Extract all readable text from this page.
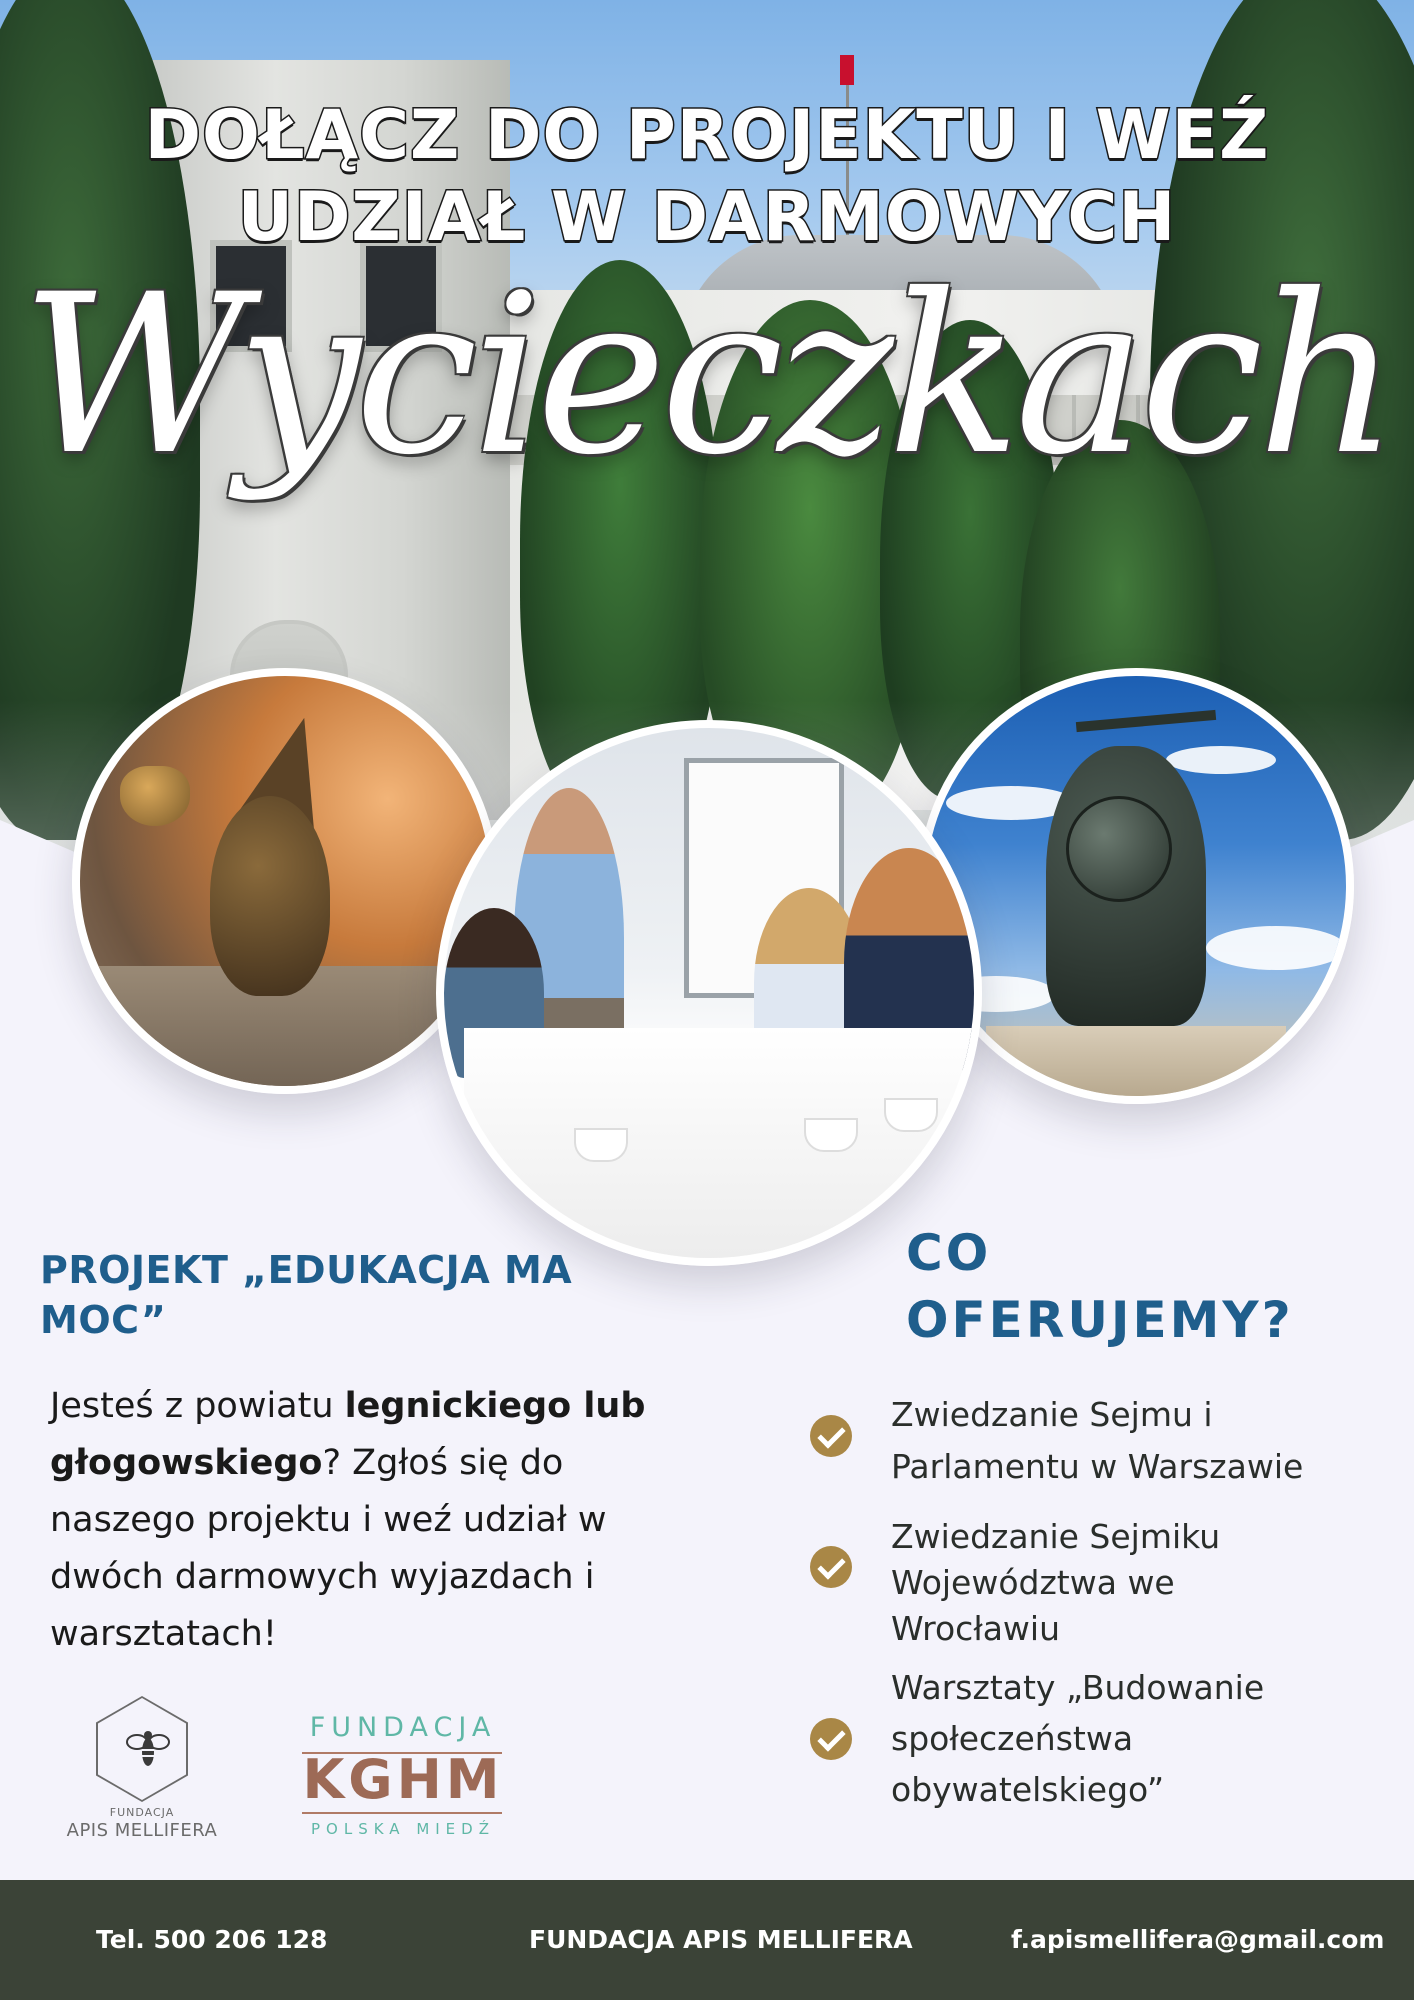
DOŁĄCZ DO PROJEKTU I WEŹ
UDZIAŁ W DARMOWYCH
Wycieczkach
PROJEKT „EDUKACJA MA MOC”

Jesteś z powiatu legnickiego lub głogowskiego? Zgłoś się do naszego projektu i weź udział w dwóch darmowych wyjazdach i warsztatach!

CO
OFERUJEMY?

Zwiedzanie Sejmu i Parlamentu w Warszawie

Zwiedzanie Sejmiku Województwa we Wrocławiu

Warsztaty „Budowanie społeczeństwa obywatelskiego”

FUNDACJA

APIS MELLIFERA

FUNDACJA

KGHM

POLSKA MIEDŹ

Tel. 500 206 128	FUNDACJA APIS MELLIFERA	f.apismellifera@gmail.com
